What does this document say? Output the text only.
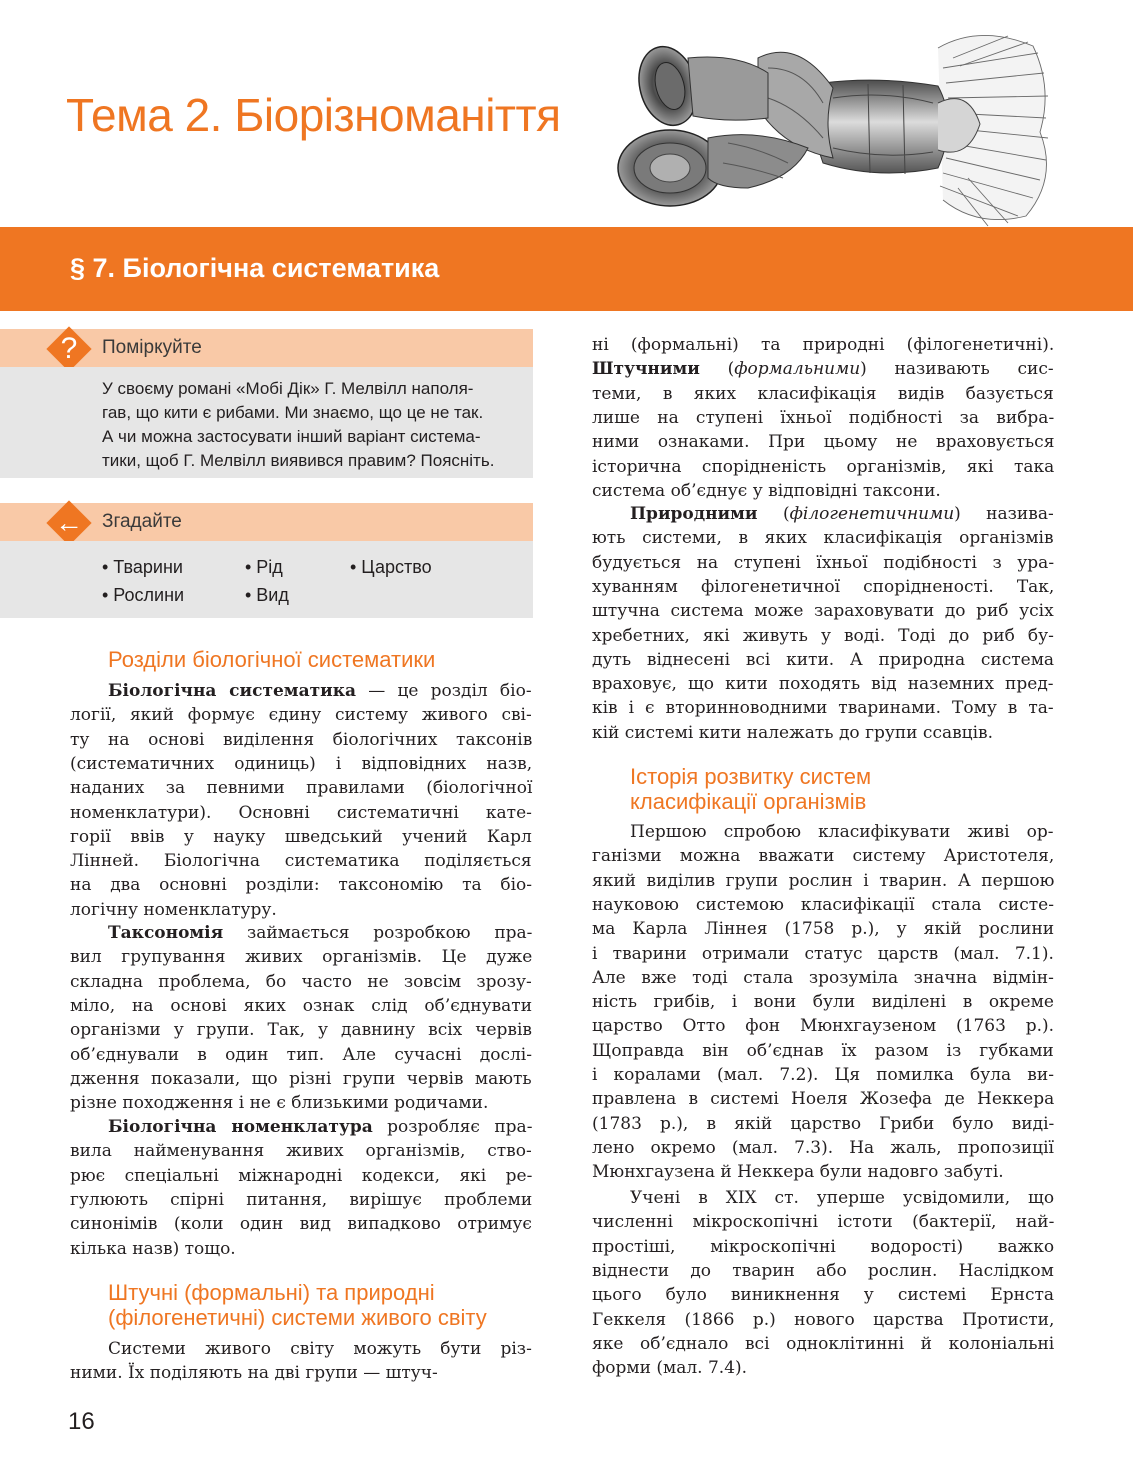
Тема 2. Біорізноманіття
§ 7. Біологічна систематика
Поміркуйте
?

У своєму романі «Мобі Дік» Г. Мелвілл наполя-

гав, що кити є рибами. Ми знаємо, що це не так.

А чи можна застосувати інший варіант система-

тики, щоб Г. Мелвілл виявився правим? Поясніть.

Згадайте
←
• Тварини	• Рід	• Царство
• Рослини	• Вид
Розділи біологічної систематики
Біологічна систематика — це розділ біо-
логії, який формує єдину систему живого сві-
ту на основі виділення біологічних таксонів
(систематичних одиниць) і відповідних назв,
наданих за певними правилами (біологічної
номенклатури). Основні систематичні кате-
горії ввів у науку шведський учений Карл
Лінней. Біологічна систематика поділяється
на два основні розділи: таксономію та біо-
логічну номенклатуру.
Таксономія займається розробкою пра-
вил групування живих організмів. Це дуже
складна проблема, бо часто не зовсім зрозу-
міло, на основі яких ознак слід об’єднувати
організми у групи. Так, у давнину всіх червів
об’єднували в один тип. Але сучасні дослі-
дження показали, що різні групи червів мають
різне походження і не є близькими родичами.
Біологічна номенклатура розробляє пра-
вила найменування живих організмів, ство-
рює спеціальні міжнародні кодекси, які ре-
гулюють спірні питання, вирішує проблеми
синонімів (коли один вид випадково отримує
кілька назв) тощо.
Штучні (формальні) та природні
(філогенетичні) системи живого світу
Системи живого світу можуть бути різ-
ними. Їх поділяють на дві групи — штуч-
ні (формальні) та природні (філогенетичні).
Штучними (формальними) називають сис-
теми, в яких класифікація видів базується
лише на ступені їхньої подібності за вибра-
ними ознаками. При цьому не враховується
історична спорідненість організмів, які така
система об’єднує у відповідні таксони.
Природними (філогенетичними) назива-
ють системи, в яких класифікація організмів
будується на ступені їхньої подібності з ура-
хуванням філогенетичної спорідненості. Так,
штучна система може зараховувати до риб усіх
хребетних, які живуть у воді. Тоді до риб бу-
дуть віднесені всі кити. А природна система
враховує, що кити походять від наземних пред-
ків і є вторинноводними тваринами. Тому в та-
кій системі кити належать до групи ссавців.
Історія розвитку систем
класифікації організмів
Першою спробою класифікувати живі ор-
ганізми можна вважати систему Аристотеля,
який виділив групи рослин і тварин. А першою
науковою системою класифікації стала систе-
ма Карла Ліннея (1758 р.), у якій рослини
і тварини отримали статус царств (мал. 7.1).
Але вже тоді стала зрозуміла значна відмін-
ність грибів, і вони були виділені в окреме
царство Отто фон Мюнхгаузеном (1763 р.).
Щоправда він об’єднав їх разом із губками
і коралами (мал. 7.2). Ця помилка була ви-
правлена в системі Ноеля Жозефа де Неккера
(1783 р.), в якій царство Гриби було виді-
лено окремо (мал. 7.3). На жаль, пропозиції
Мюнхгаузена й Неккера були надовго забуті.
Учені в XIX ст. уперше усвідомили, що
численні мікроскопічні істоти (бактерії, най-
простіші, мікроскопічні водорості) важко
віднести до тварин або рослин. Наслідком
цього було виникнення у системі Ернста
Геккеля (1866 р.) нового царства Протисти,
яке об’єднало всі одноклітинні й колоніальні
форми (мал. 7.4).
16
